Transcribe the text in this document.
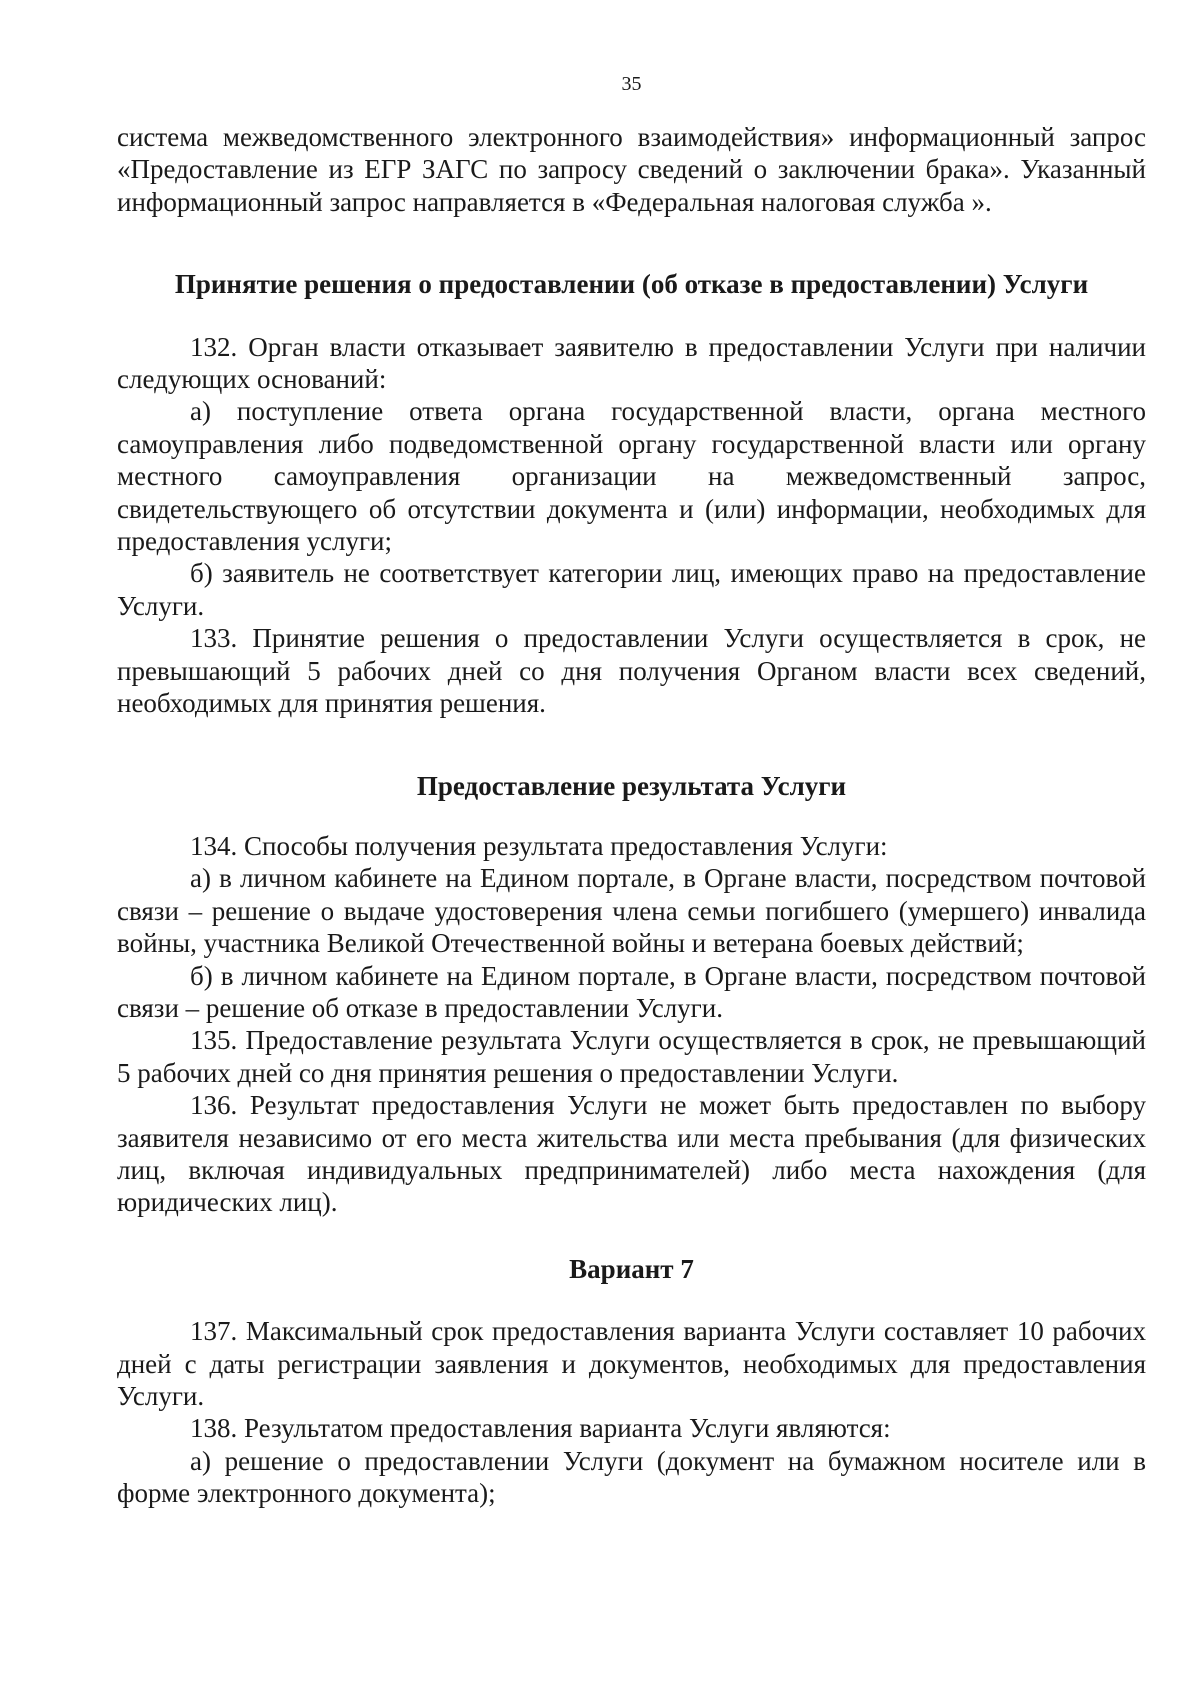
35

система межведомственного электронного взаимодействия» информационный запрос «Предоставление из ЕГР ЗАГС по запросу сведений о заключении брака». Указанный информационный запрос направляется в «Федеральная налоговая служба ».

Принятие решения о предоставлении (об отказе в предоставлении) Услуги

132. Орган власти отказывает заявителю в предоставлении Услуги при наличии следующих оснований:

а) поступление ответа органа государственной власти, органа местного самоуправления либо подведомственной органу государственной власти или органу местного самоуправления организации на межведомственный запрос, свидетельствующего об отсутствии документа и (или) информации, необходимых для предоставления услуги;

б) заявитель не соответствует категории лиц, имеющих право на предоставление Услуги.

133. Принятие решения о предоставлении Услуги осуществляется в срок, не превышающий 5 рабочих дней со дня получения Органом власти всех сведений, необходимых для принятия решения.

Предоставление результата Услуги

134. Способы получения результата предоставления Услуги:

а) в личном кабинете на Едином портале, в Органе власти, посредством почтовой связи – решение о выдаче удостоверения члена семьи погибшего (умершего) инвалида войны, участника Великой Отечественной войны и ветерана боевых действий;

б) в личном кабинете на Едином портале, в Органе власти, посредством почтовой связи – решение об отказе в предоставлении Услуги.

135. Предоставление результата Услуги осуществляется в срок, не превышающий 5 рабочих дней со дня принятия решения о предоставлении Услуги.

136. Результат предоставления Услуги не может быть предоставлен по выбору заявителя независимо от его места жительства или места пребывания (для физических лиц, включая индивидуальных предпринимателей) либо места нахождения (для юридических лиц).

Вариант 7

137. Максимальный срок предоставления варианта Услуги составляет 10 рабочих дней с даты регистрации заявления и документов, необходимых для предоставления Услуги.

138. Результатом предоставления варианта Услуги являются:

а) решение о предоставлении Услуги (документ на бумажном носителе или в форме электронного документа);
